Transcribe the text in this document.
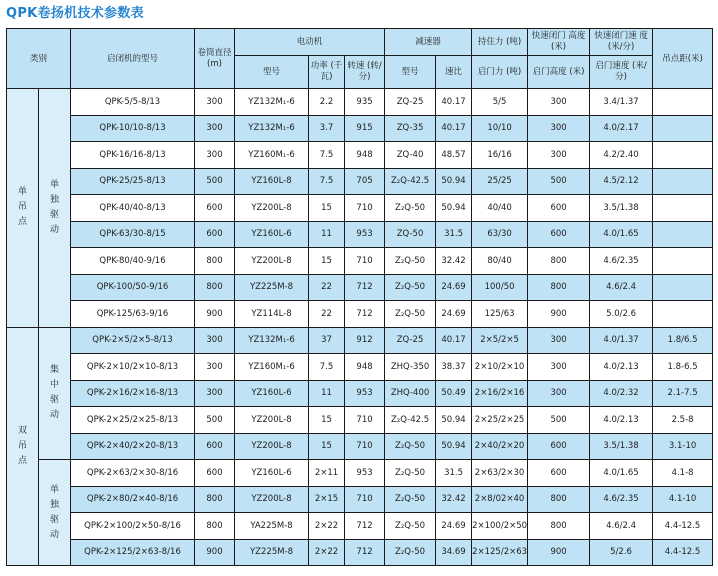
QPK卷扬机技术参数表
类别		启闭机的型号	卷筒直径 (m)	电动机			减速器		持住力 (吨)	快速闭门 高度(米)	快速闭门速 度(米/分)	吊点距(米)
				型号	功率 (千瓦)	转速 (转/分)	型号	速比	启门力 (吨)	启门高度 (米)	启门速度 (米/分)	
单吊点	单独驱动	QPK-5/5-8/13	300	YZ132M₁-6	2.2	935	ZQ-25	40.17	5/5	300	3.4/1.37	
		QPK-10/10-8/13	300	YZ132M₁-6	3.7	915	ZQ-35	40.17	10/10	300	4.0/2.17	
		QPK-16/16-8/13	300	YZ160M₁-6	7.5	948	ZQ-40	48.57	16/16	300	4.2/2.40	
		QPK-25/25-8/13	500	YZ160L-8	7.5	705	Z₂Q-42.5	50.94	25/25	500	4.5/2.12	
		QPK-40/40-8/13	600	YZ200L-8	15	710	Z₂Q-50	50.94	40/40	600	3.5/1.38	
		QPK-63/30-8/15	600	YZ160L-6	11	953	ZQ-50	31.5	63/30	600	4.0/1.65	
		QPK-80/40-9/16	800	YZ200L-8	15	710	Z₂Q-50	32.42	80/40	800	4.6/2.35	
		QPK-100/50-9/16	800	YZ225M-8	22	712	Z₂Q-50	24.69	100/50	800	4.6/2.4	
		QPK-125/63-9/16	900	YZ114L-8	22	712	Z₂Q-50	24.69	125/63	900	5.0/2.6	
双吊点	集中驱动	QPK-2×5/2×5-8/13	300	YZ132M₁-6	37	912	ZQ-25	40.17	2×5/2×5	300	4.0/1.37	1.8/6.5
		QPK-2×10/2×10-8/13	300	YZ160M₁-6	7.5	948	ZHQ-350	38.37	2×10/2×10	300	4.0/2.13	1.8-6.5
		QPK-2×16/2×16-8/13	300	YZ160L-6	11	953	ZHQ-400	50.49	2×16/2×16	300	4.0/2.32	2.1-7.5
		QPK-2×25/2×25-8/13	500	YZ200L-8	15	710	Z₂Q-42.5	50.94	2×25/2×25	500	4.0/2.13	2.5-8
		QPK-2×40/2×20-8/13	600	YZ200L-8	15	710	Z₂Q-50	50.94	2×40/2×20	600	3.5/1.38	3.1-10
	单独驱动	QPK-2×63/2×30-8/16	600	YZ160L-6	2×11	953	Z₂Q-50	31.5	2×63/2×30	600	4.0/1.65	4.1-8
		QPK-2×80/2×40-8/16	800	YZ200L-8	2×15	710	Z₂Q-50	32.42	2×8/02×40	800	4.6/2.35	4.1-10
		QPK-2×100/2×50-8/16	800	YA225M-8	2×22	712	Z₂Q-50	24.69	2×100/2×50	800	4.6/2.4	4.4-12.5
		QPK-2×125/2×63-8/16	900	YZ225M-8	2×22	712	Z₂Q-50	34.69	2×125/2×63	900	5/2.6	4.4-12.5
